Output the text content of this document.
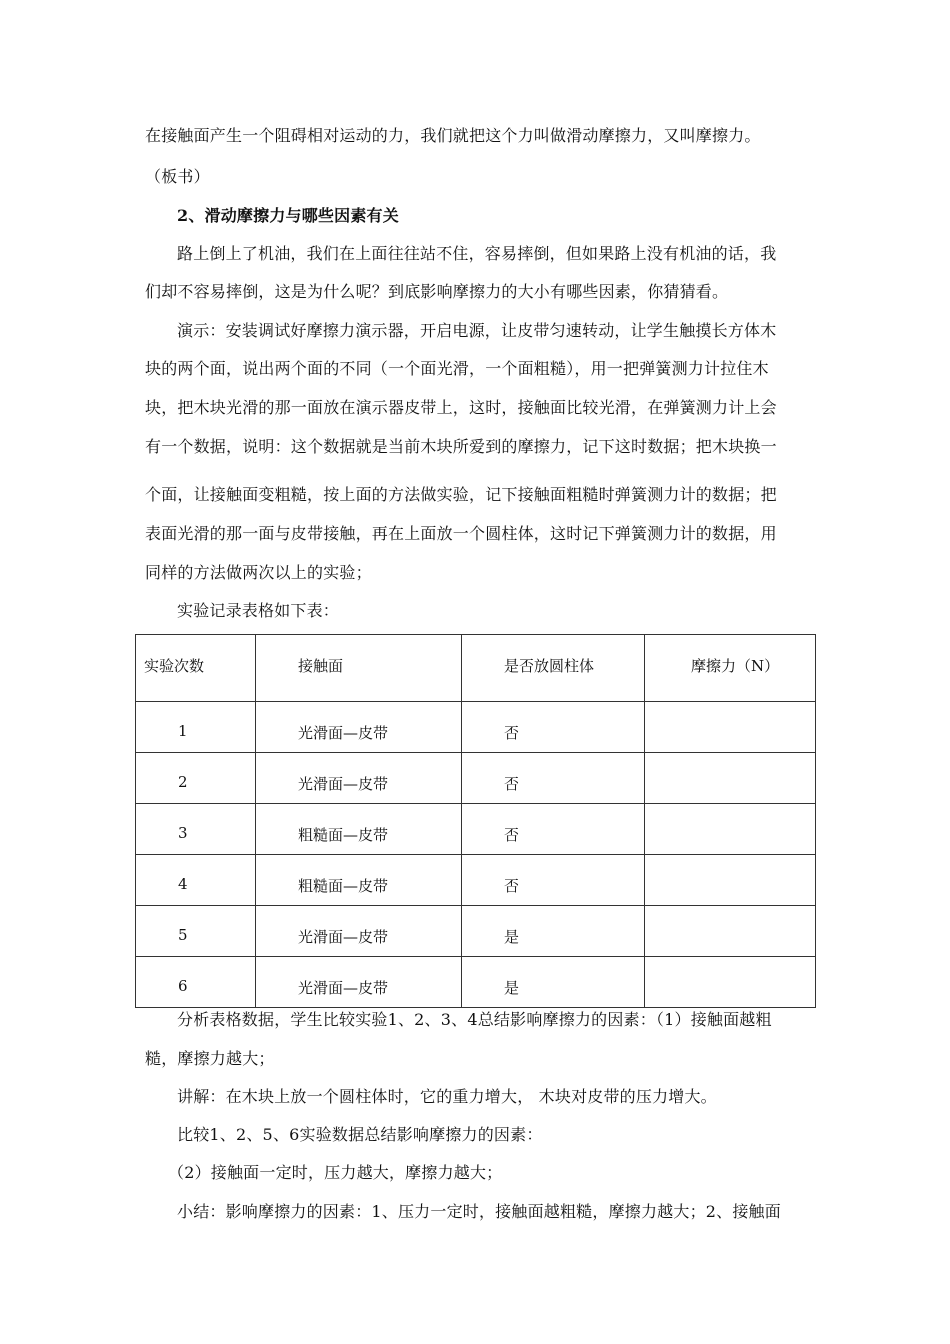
在接触面产生一个阻碍相对运动的力，我们就把这个力叫做滑动摩擦力，又叫摩擦力。
（板书）
2、滑动摩擦力与哪些因素有关
路上倒上了机油，我们在上面往往站不住，容易摔倒，但如果路上没有机油的话，我
们却不容易摔倒，这是为什么呢？到底影响摩擦力的大小有哪些因素，你猜猜看。
演示：安装调试好摩擦力演示器，开启电源，让皮带匀速转动，让学生触摸长方体木
块的两个面，说出两个面的不同（一个面光滑，一个面粗糙），用一把弹簧测力计拉住木
块，把木块光滑的那一面放在演示器皮带上，这时，接触面比较光滑，在弹簧测力计上会
有一个数据，说明：这个数据就是当前木块所爱到的摩擦力，记下这时数据；把木块换一
个面，让接触面变粗糙，按上面的方法做实验，记下接触面粗糙时弹簧测力计的数据；把
表面光滑的那一面与皮带接触，再在上面放一个圆柱体，这时记下弹簧测力计的数据，用
同样的方法做两次以上的实验；
实验记录表格如下表：
实验次数	接触面	是否放圆柱体	摩擦力（N）
1	光滑面—皮带	否	
2	光滑面—皮带	否	
3	粗糙面—皮带	否	
4	粗糙面—皮带	否	
5	光滑面—皮带	是	
6	光滑面—皮带	是	
分析表格数据，学生比较实验1、2、3、4总结影响摩擦力的因素：（1）接触面越粗
糙，摩擦力越大；
讲解：在木块上放一个圆柱体时，它的重力增大， 木块对皮带的压力增大。
比较1、2、5、6实验数据总结影响摩擦力的因素：
（2）接触面一定时，压力越大，摩擦力越大；
小结：影响摩擦力的因素：1、压力一定时，接触面越粗糙，摩擦力越大；2、接触面
